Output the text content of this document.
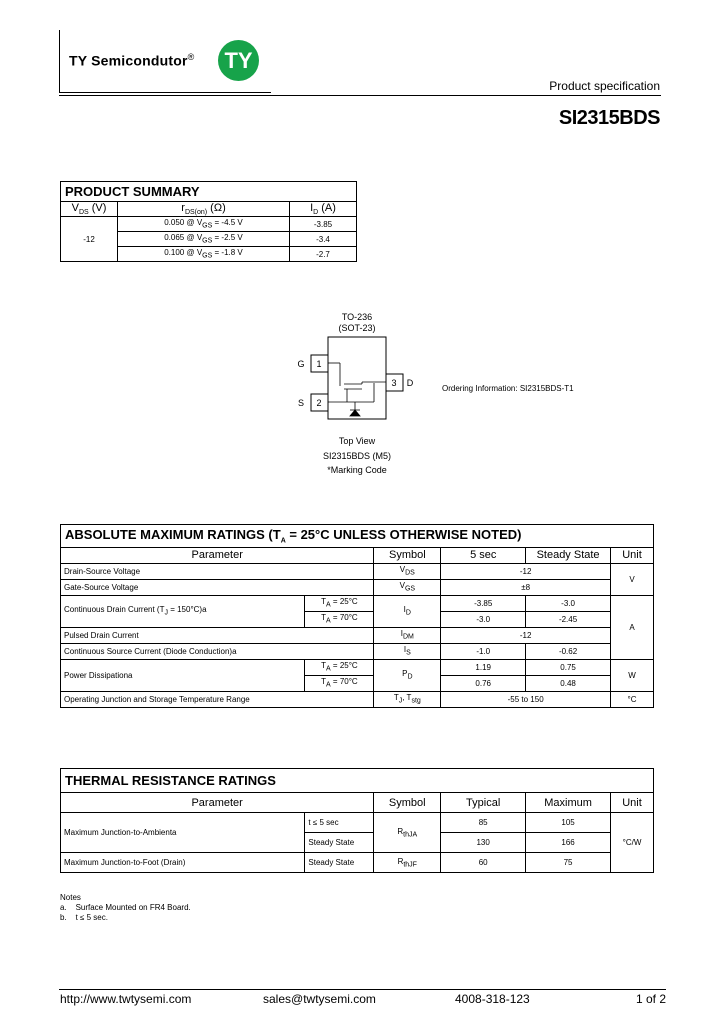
TY Semicondutor® TY
Product specification
SI2315BDS
PRODUCT SUMMARY		
$V_{DS}$ (V)	$r_{DS(on)}$ (Ω)	$I_D$ (A)
-12	0.050 @ $V_{GS} = -4.5$ V	-3.85
	0.065 @ $V_{GS} = -2.5$ V	-3.4
	0.100 @ $V_{GS} = -1.8$ V	-2.7
TO-236
(SOT-23)
1
2
3
G
S
D
Top View
SI2315BDS (M5)
*Marking Code
Ordering Information: SI2315BDS-T1
ABSOLUTE MAXIMUM RATINGS ($T_A = 25^\circ C$ UNLESS OTHERWISE NOTED)					
Parameter		Symbol	5 sec	Steady State	Unit
Drain-Source Voltage		$V_{DS}$	-12		V
Gate-Source Voltage		$V_{GS}$	±8		
Continuous Drain Current $(T_J = 150^\circ C)a$	$T_A = 25^\circ C$	$I_D$	-3.85	-3.0	A
	$T_A = 70^\circ C$		-3.0	-2.45	
Pulsed Drain Current		$I_{DM}$	-12		
Continuous Source Current (Diode Conduction)a		$I_S$	-1.0	-0.62	
Power Dissipationa	$T_A = 25^\circ C$	$P_D$	1.19	0.75	W
	$T_A = 70^\circ C$		0.76	0.48	
Operating Junction and Storage Temperature Range		$T_J$, $T_{stg}$	-55 to 150		°C
THERMAL RESISTANCE RATINGS					
Parameter		Symbol	Typical	Maximum	Unit
Maximum Junction-to-Ambienta	t ≤ 5 sec	$R_{thJA}$	85	105	°C/W
	Steady State		130	166	
Maximum Junction-to-Foot (Drain)	Steady State	$R_{thJF}$	60	75	
Notes
a.    Surface Mounted on FR4 Board.
b.    t ≤ 5 sec.
http://www.twtysemi.com	sales@twtysemi.com	4008-318-123	1 of 2
